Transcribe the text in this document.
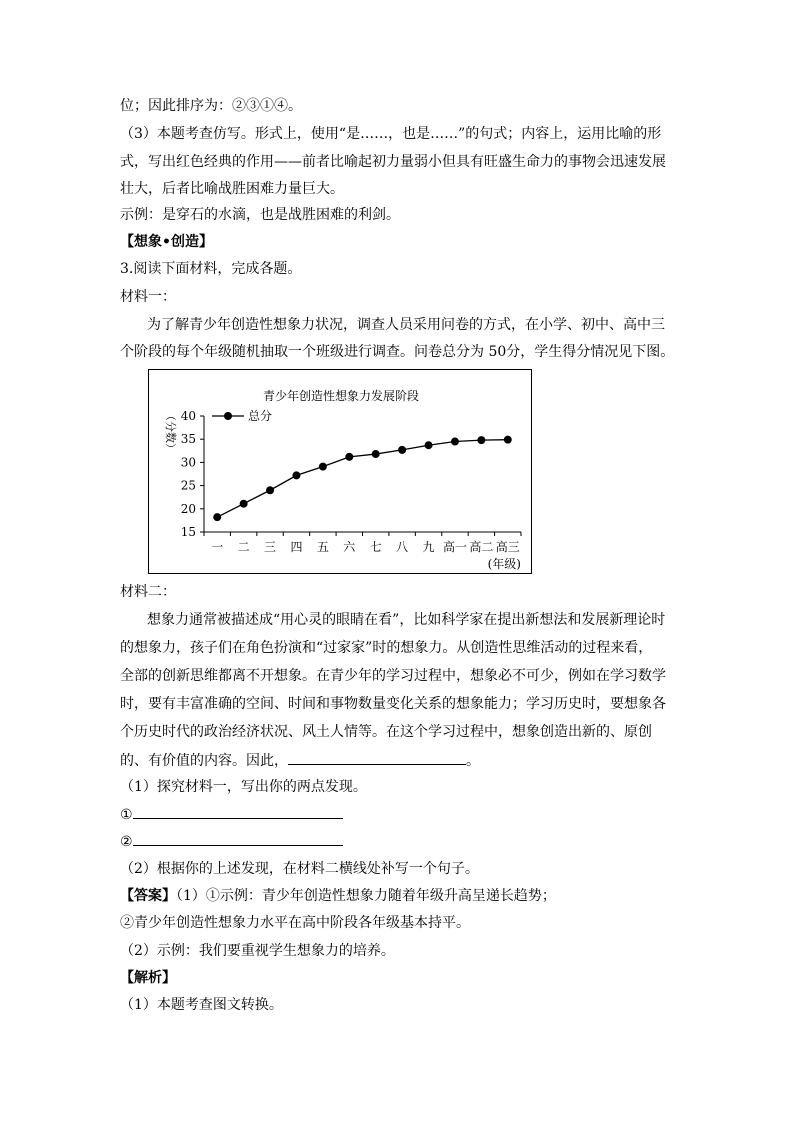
位；因此排序为：②③①④。
（3）本题考查仿写。形式上，使用“是……，也是……”的句式；内容上，运用比喻的形
式，写出红色经典的作用——前者比喻起初力量弱小但具有旺盛生命力的事物会迅速发展
壮大，后者比喻战胜困难力量巨大。
示例：是穿石的水滴，也是战胜困难的利剑。
【想象•创造】
3.阅读下面材料，完成各题。
材料一：
为了解青少年创造性想象力状况，调查人员采用问卷的方式，在小学、初中、高中三
个阶段的每个年级随机抽取一个班级进行调查。问卷总分为 50分，学生得分情况见下图。
青少年创造性想象力发展阶段
（分数）
(年级)
15
20
25
30
35
40
一 二 三 四 五 六 七 八 九 高一 高二 高三
总分
材料二：
想象力通常被描述成“用心灵的眼睛在看”，比如科学家在提出新想法和发展新理论时
的想象力，孩子们在角色扮演和“过家家”时的想象力。从创造性思维活动的过程来看，
全部的创新思维都离不开想象。在青少年的学习过程中，想象必不可少，例如在学习数学
时，要有丰富准确的空间、时间和事物数量变化关系的想象能力；学习历史时，要想象各
个历史时代的政治经济状况、风土人情等。在这个学习过程中，想象创造出新的、原创
的、有价值的内容。因此，	。
（1）探究材料一，写出你的两点发现。
①
②
（2）根据你的上述发现，在材料二横线处补写一个句子。
【答案】（1）①示例：青少年创造性想象力随着年级升高呈递长趋势；
②青少年创造性想象力水平在高中阶段各年级基本持平。
（2）示例：我们要重视学生想象力的培养。
【解析】
（1）本题考查图文转换。
